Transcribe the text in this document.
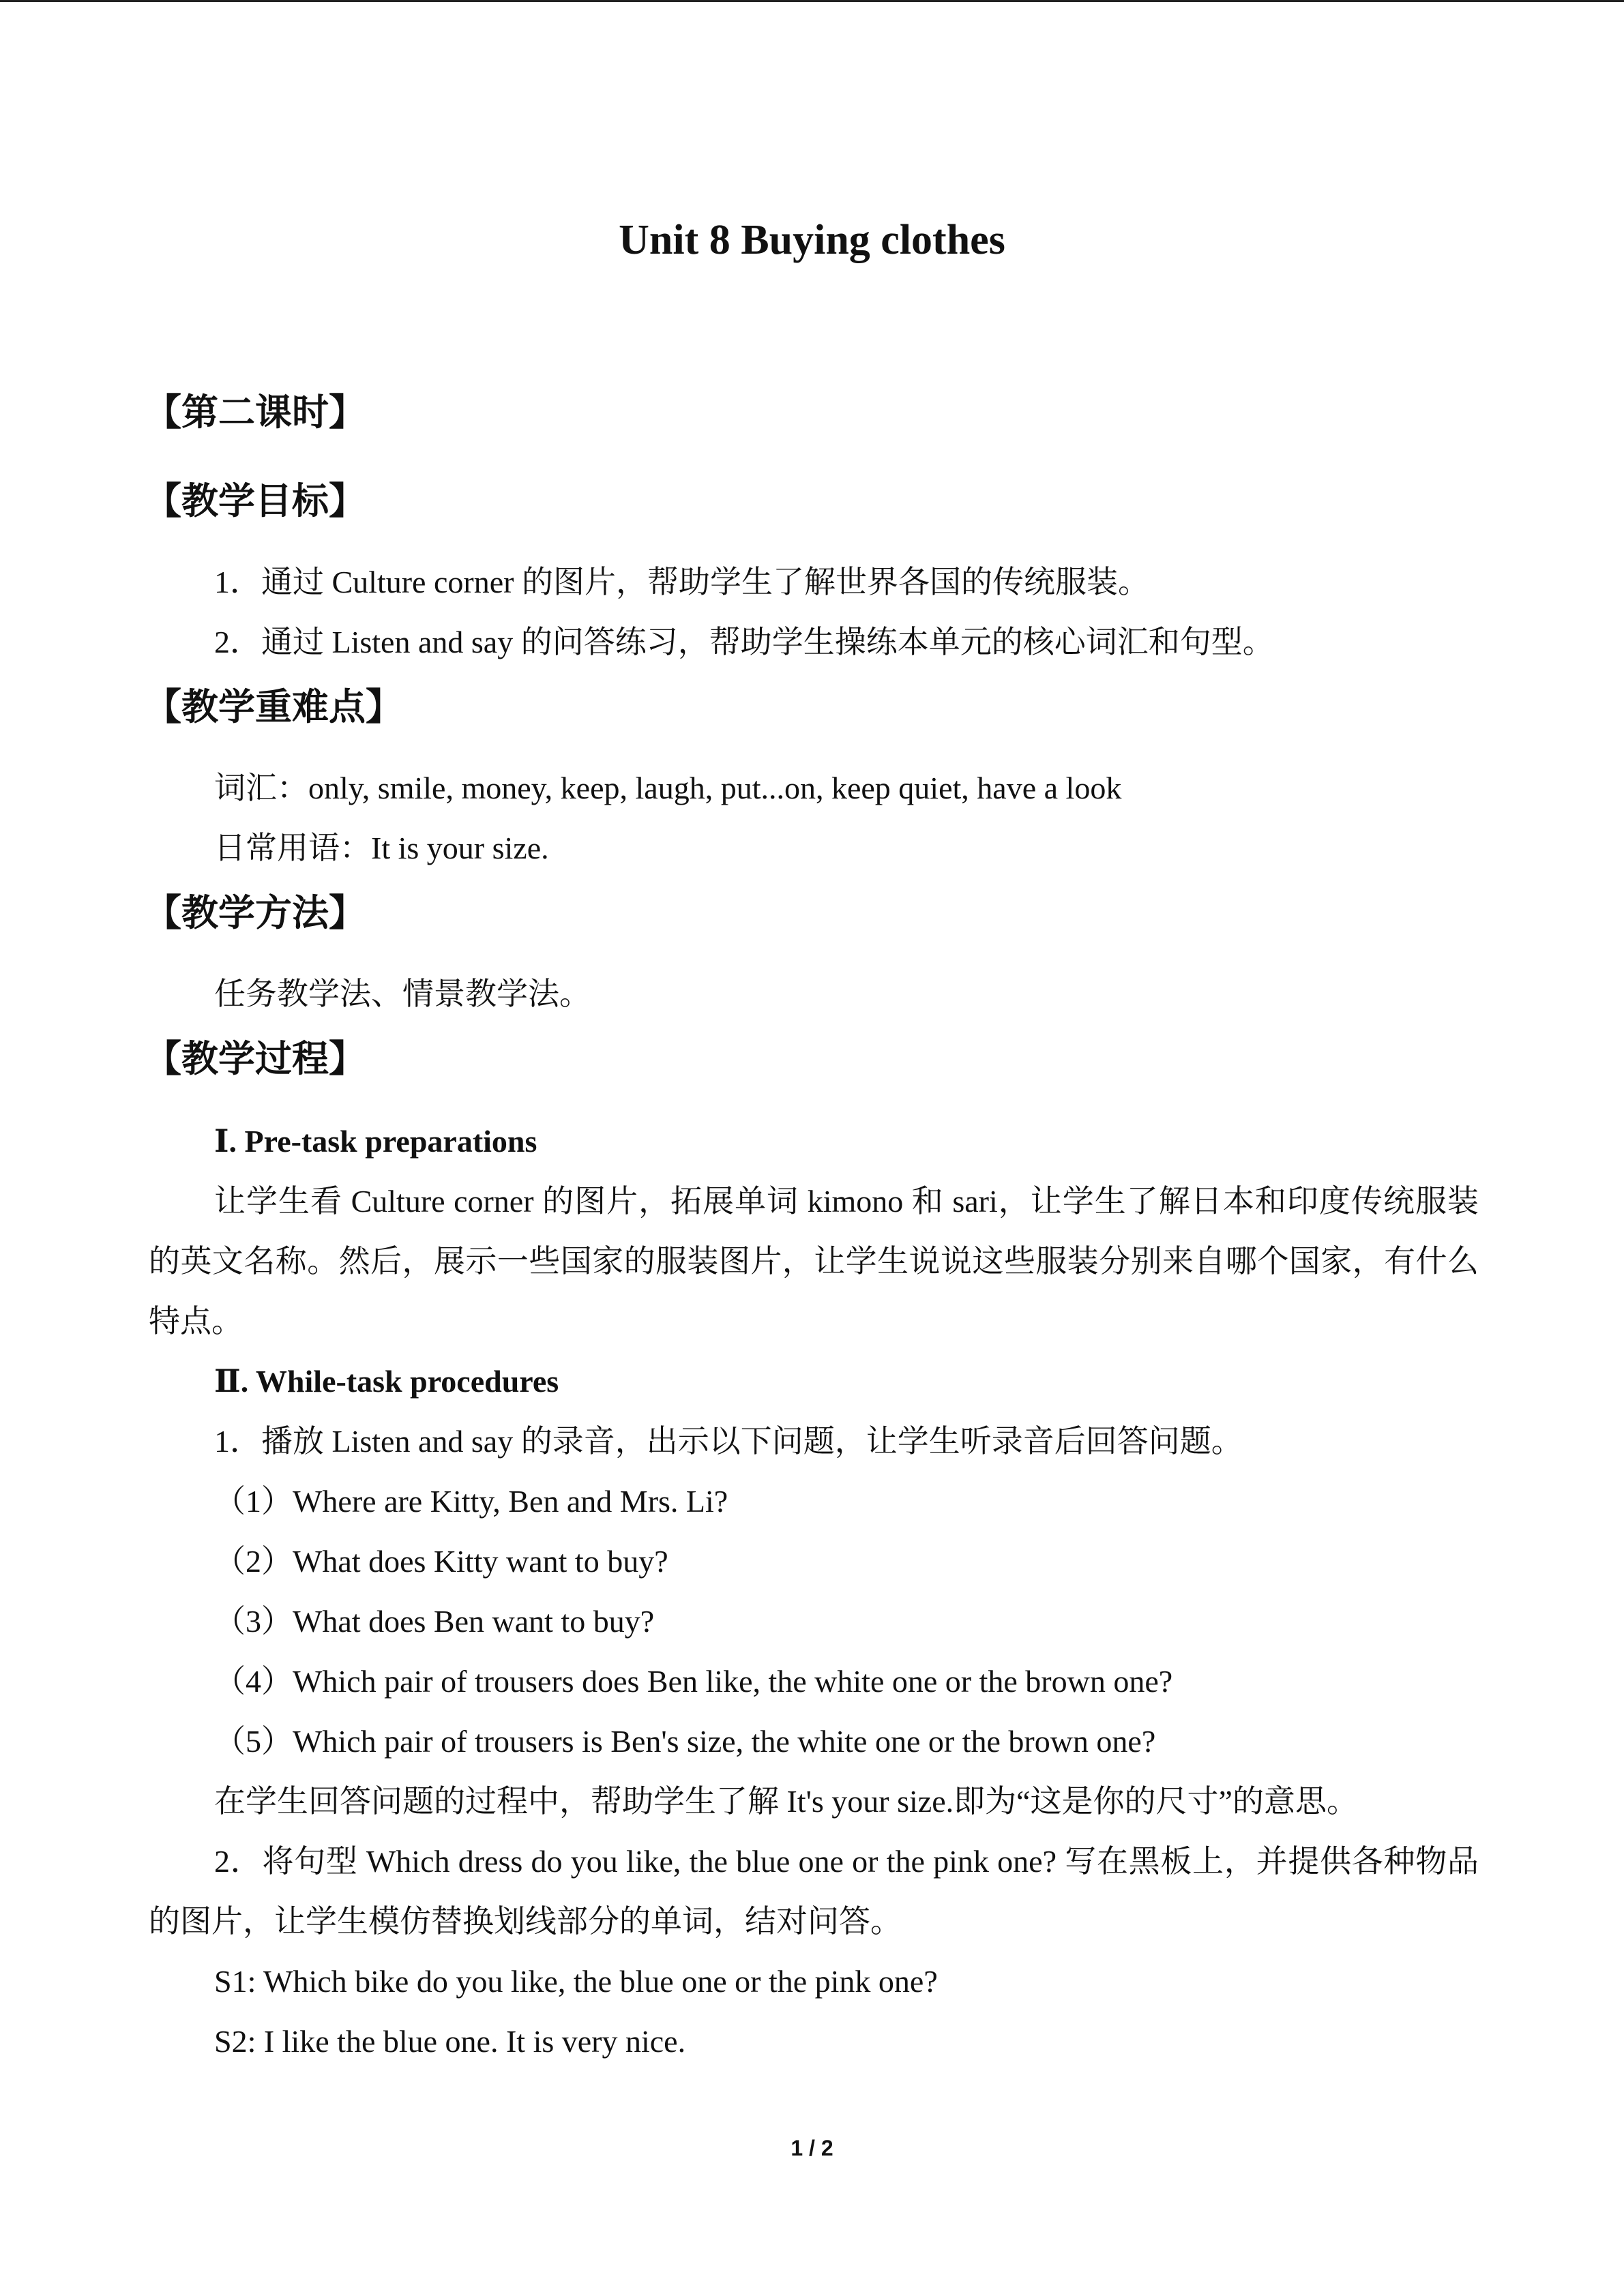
Unit 8 Buying clothes
【第二课时】
【教学目标】
1．通过 Culture corner 的图片，帮助学生了解世界各国的传统服装。
2．通过 Listen and say 的问答练习，帮助学生操练本单元的核心词汇和句型。
【教学重难点】
词汇：only, smile, money, keep, laugh, put...on, keep quiet, have a look
日常用语：It is your size.
【教学方法】
任务教学法、情景教学法。
【教学过程】
Ⅰ. Pre-task preparations
让学生看 Culture corner 的图片，拓展单词 kimono 和 sari，让学生了解日本和印度传统服装的英文名称。然后，展示一些国家的服装图片，让学生说说这些服装分别来自哪个国家，有什么特点。
Ⅱ. While-task procedures
1．播放 Listen and say 的录音，出示以下问题，让学生听录音后回答问题。
（1）Where are Kitty, Ben and Mrs. Li?
（2）What does Kitty want to buy?
（3）What does Ben want to buy?
（4）Which pair of trousers does Ben like, the white one or the brown one?
（5）Which pair of trousers is Ben's size, the white one or the brown one?
在学生回答问题的过程中，帮助学生了解 It's your size.即为“这是你的尺寸”的意思。
2．将句型 Which dress do you like, the blue one or the pink one? 写在黑板上，并提供各种物品的图片，让学生模仿替换划线部分的单词，结对问答。
S1: Which bike do you like, the blue one or the pink one?
S2: I like the blue one. It is very nice.
1 / 2
